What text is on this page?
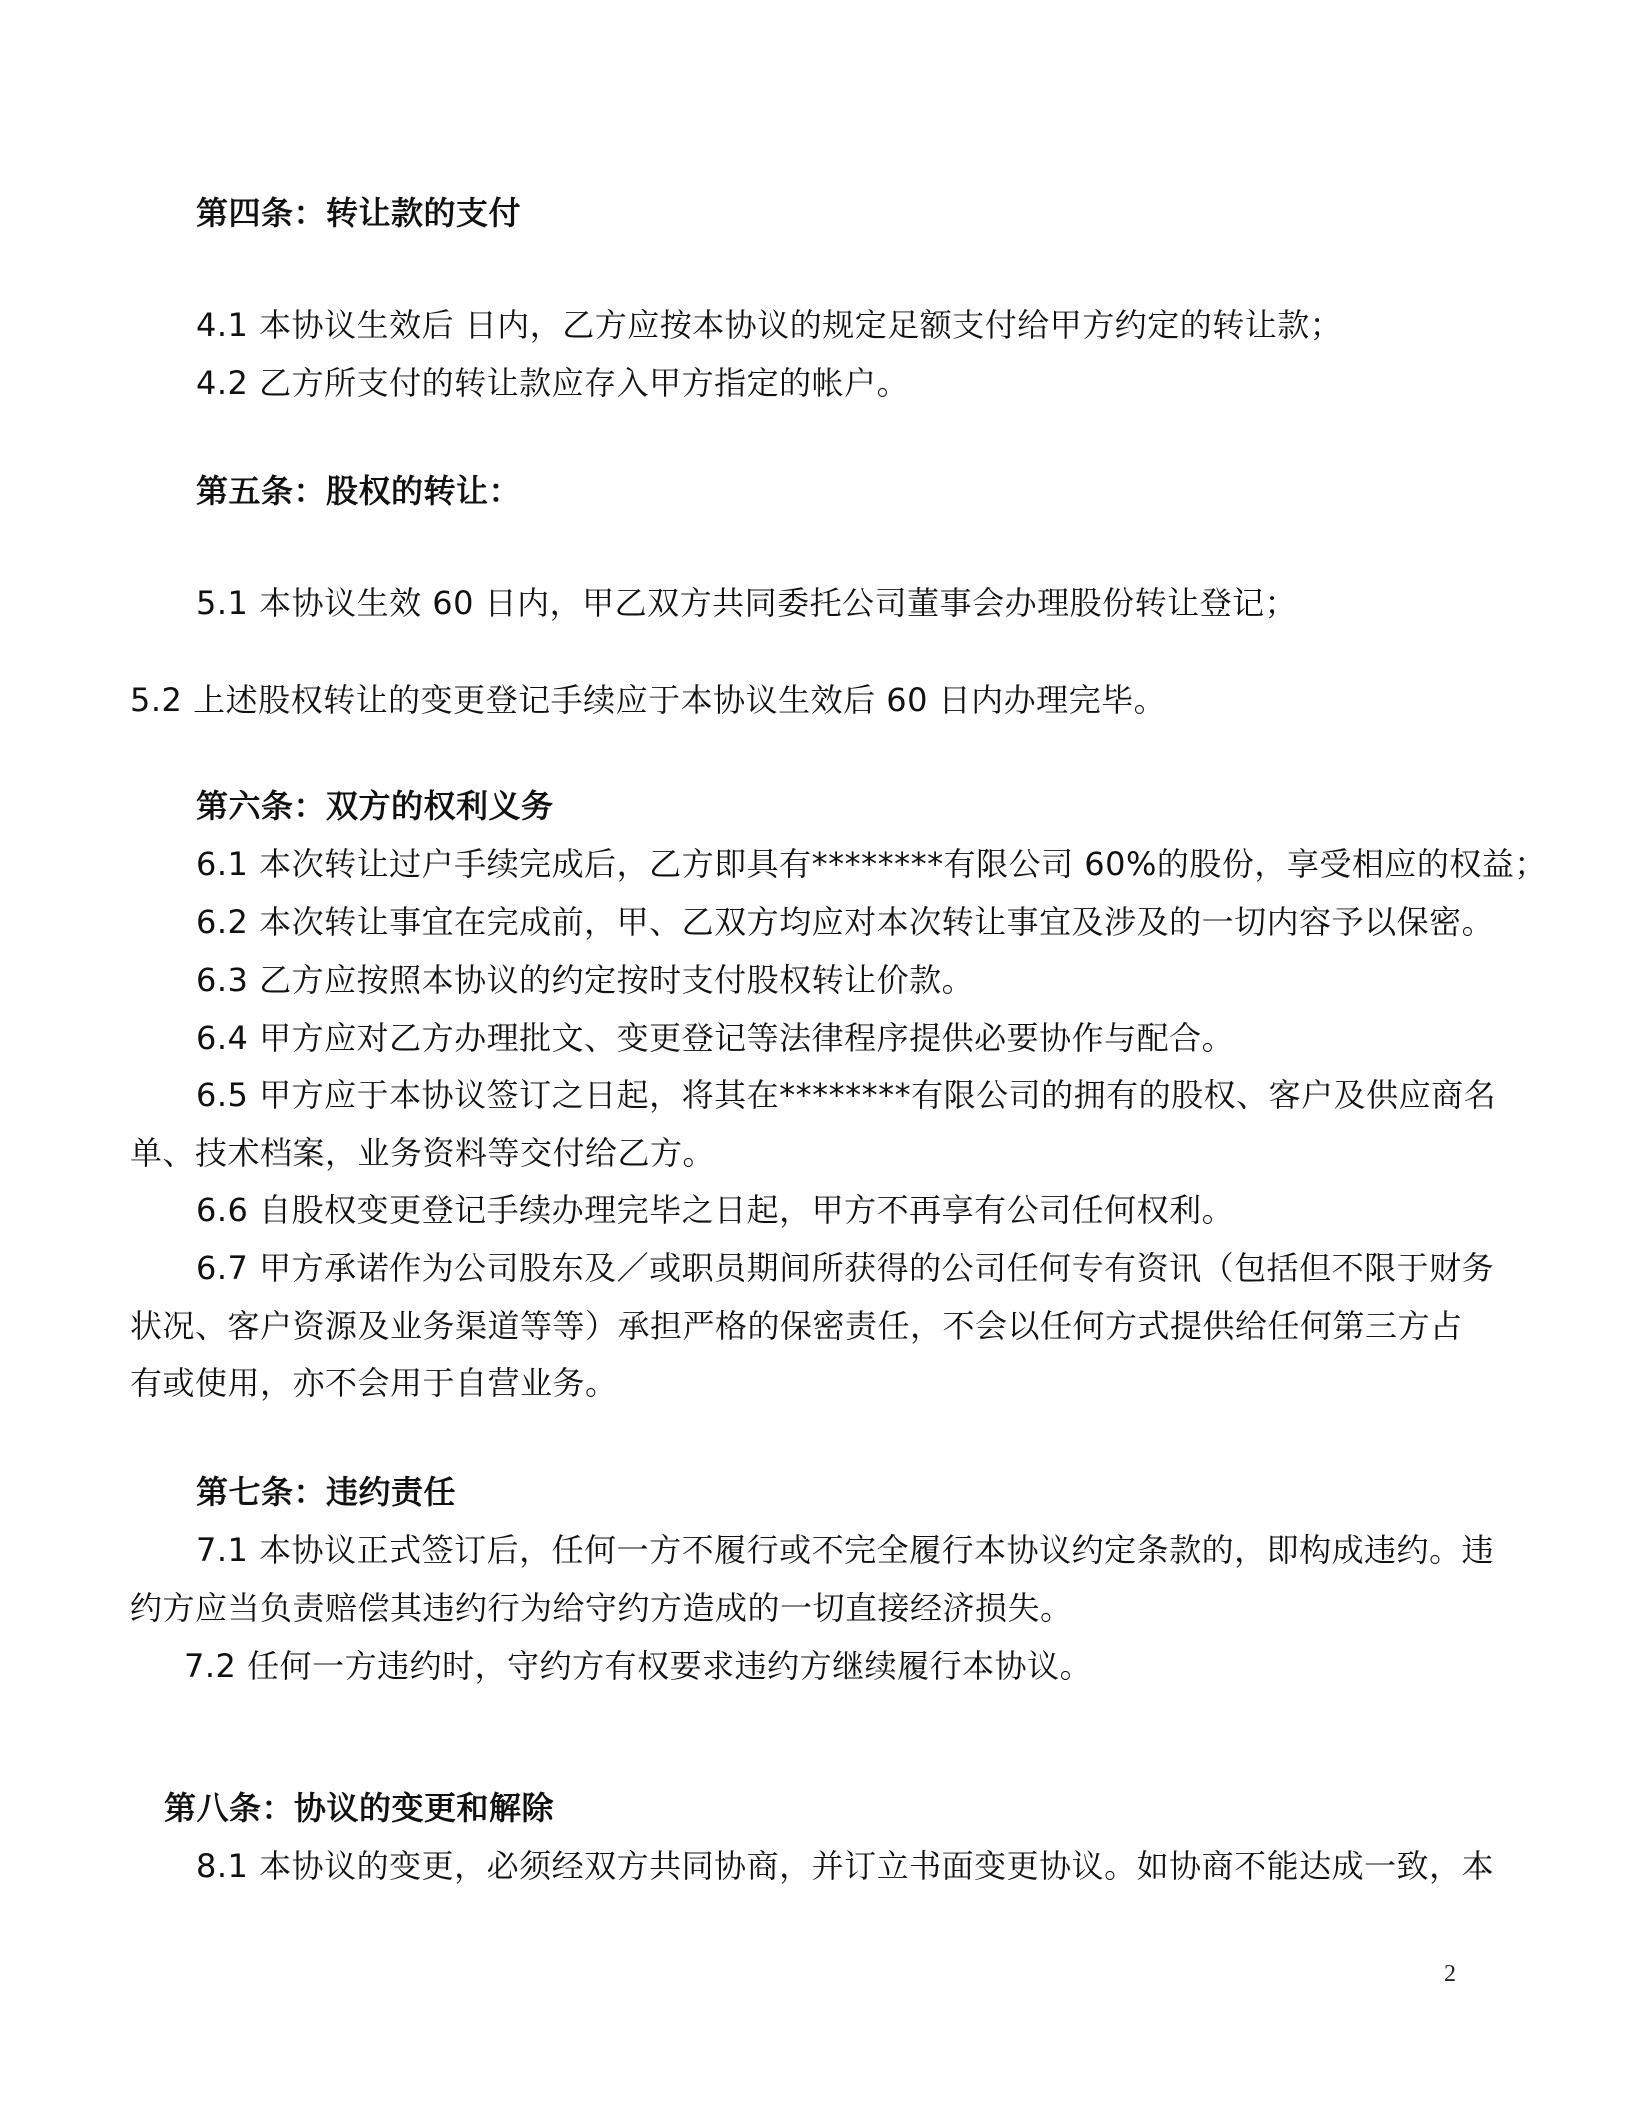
第四条：转让款的支付
4.1 本协议生效后 日内，乙方应按本协议的规定足额支付给甲方约定的转让款；
4.2 乙方所支付的转让款应存入甲方指定的帐户。
第五条：股权的转让：
5.1 本协议生效 60 日内，甲乙双方共同委托公司董事会办理股份转让登记；
5.2 上述股权转让的变更登记手续应于本协议生效后 60 日内办理完毕。
第六条：双方的权利义务
6.1 本次转让过户手续完成后，乙方即具有********有限公司 60%的股份，享受相应的权益；
6.2 本次转让事宜在完成前，甲、乙双方均应对本次转让事宜及涉及的一切内容予以保密。
6.3 乙方应按照本协议的约定按时支付股权转让价款。
6.4 甲方应对乙方办理批文、变更登记等法律程序提供必要协作与配合。
6.5 甲方应于本协议签订之日起，将其在********有限公司的拥有的股权、客户及供应商名
单、技术档案，业务资料等交付给乙方。
6.6 自股权变更登记手续办理完毕之日起，甲方不再享有公司任何权利。
6.7 甲方承诺作为公司股东及／或职员期间所获得的公司任何专有资讯（包括但不限于财务
状况、客户资源及业务渠道等等）承担严格的保密责任，不会以任何方式提供给任何第三方占
有或使用，亦不会用于自营业务。
第七条：违约责任
7.1 本协议正式签订后，任何一方不履行或不完全履行本协议约定条款的，即构成违约。违
约方应当负责赔偿其违约行为给守约方造成的一切直接经济损失。
7.2 任何一方违约时，守约方有权要求违约方继续履行本协议。
第八条：协议的变更和解除
8.1 本协议的变更，必须经双方共同协商，并订立书面变更协议。如协商不能达成一致，本
2
